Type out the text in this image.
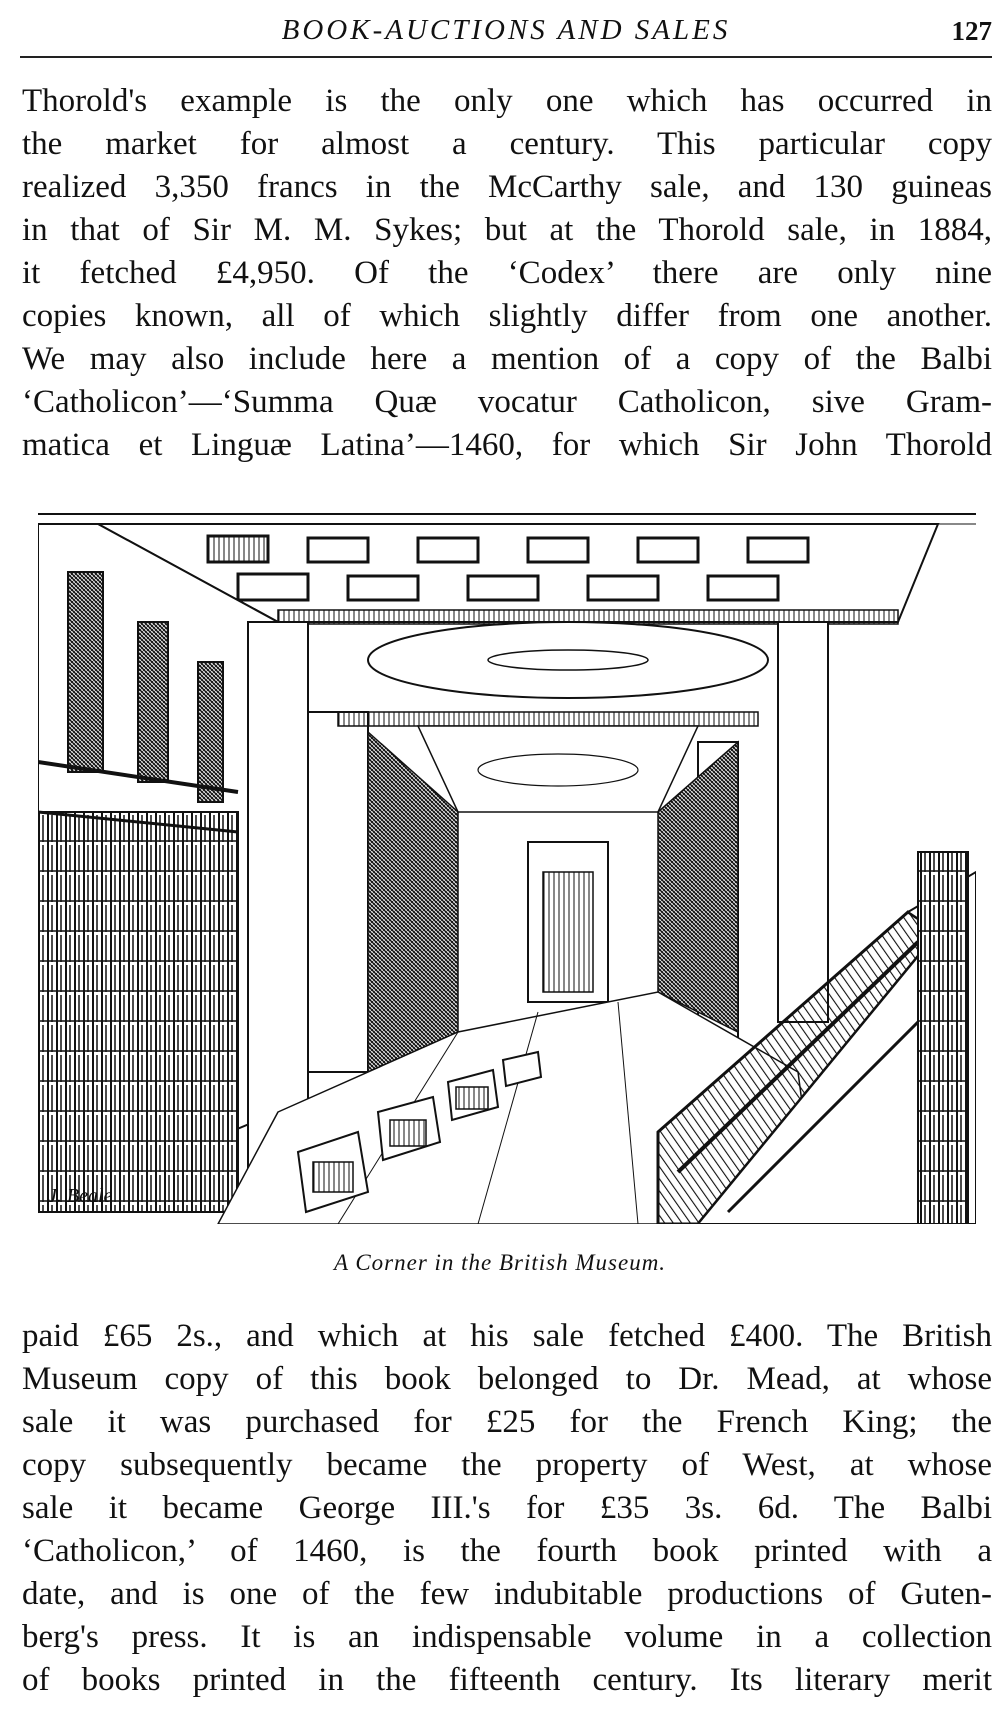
BOOK-AUCTIONS AND SALES	127
Thorold's example is the only one which has occurred in
the market for almost a century. This particular copy
realized 3,350 francs in the McCarthy sale, and 130 guineas
in that of Sir M. M. Sykes; but at the Thorold sale, in 1884,
it fetched £4,950. Of the ‘Codex’ there are only nine
copies known, all of which slightly differ from one another.
We may also include here a mention of a copy of the Balbi
‘Catholicon’—‘Summa Quæ vocatur Catholicon, sive Gram-
matica et Linguæ Latina’—1460, for which Sir John Thorold
J. Beale
A Corner in the British Museum.
paid £65 2s., and which at his sale fetched £400. The British
Museum copy of this book belonged to Dr. Mead, at whose
sale it was purchased for £25 for the French King; the
copy subsequently became the property of West, at whose
sale it became George III.'s for £35 3s. 6d. The Balbi
‘Catholicon,’ of 1460, is the fourth book printed with a
date, and is one of the few indubitable productions of Guten-
berg's press. It is an indispensable volume in a collection
of books printed in the fifteenth century. Its literary merit
